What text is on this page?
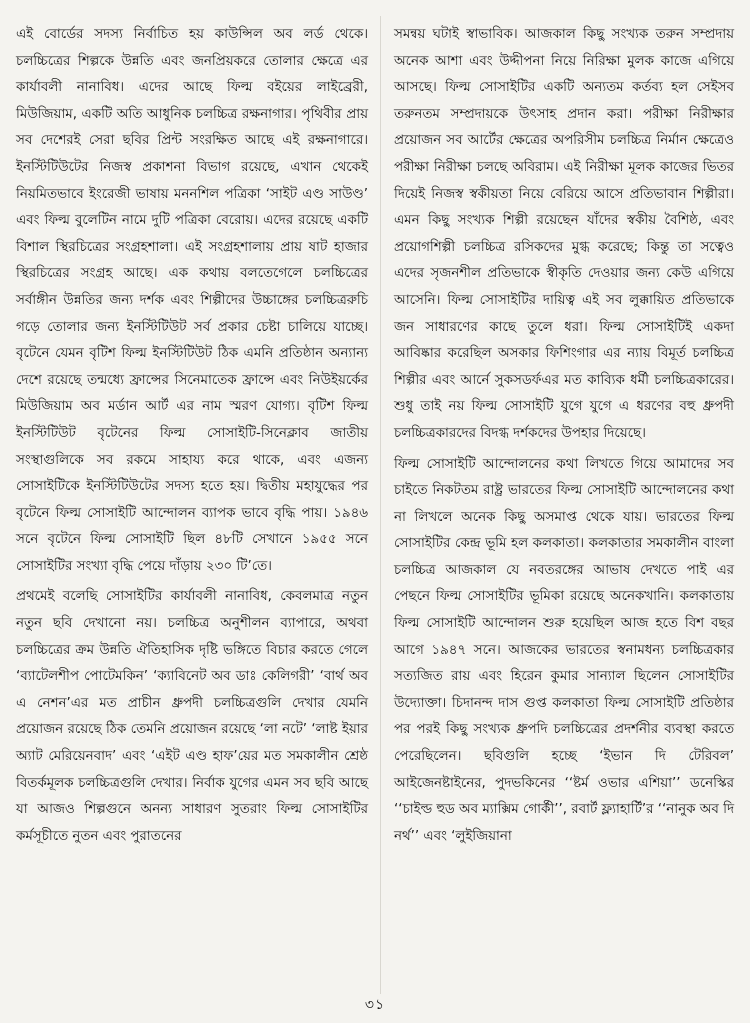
এই বোর্ডের সদস্য নির্বাচিত হয় কাউন্সিল অব লর্ড থেকে। চলচ্চিত্রের শিল্পকে উন্নতি এবং জনপ্রিয়করে তোলার ক্ষেত্রে এর কার্যাবলী নানাবিধ। এদের আছে ফিল্ম বইয়ের লাইব্রেরী, মিউজিয়াম, একটি অতি আধুনিক চলচ্চিত্র রক্ষনাগার। পৃথিবীর প্রায় সব দেশেরই সেরা ছবির প্রিন্ট সংরক্ষিত আছে এই রক্ষনাগারে। ইনস্টিটিউটের নিজস্ব প্রকাশনা বিভাগ রয়েছে, এখান থেকেই নিয়মিতভাবে ইংরেজী ভাষায় মননশিল পত্রিকা ‘সাইট এণ্ড সাউণ্ড’ এবং ফিল্ম বুলেটিন নামে দুটি পত্রিকা বেরোয়। এদের রয়েছে একটি বিশাল স্থিরচিত্রের সংগ্রহশালা। এই সংগ্রহশালায় প্রায় ষাট হাজার স্থিরচিত্রের সংগ্রহ আছে। এক কথায় বলতেগেলে চলচ্চিত্রের সর্বাঙ্গীন উন্নতির জন্য দর্শক এবং শিল্পীদের উচ্চাঙ্গের চলচ্চিত্ররুচি গড়ে তোলার জন্য ইনস্টিটিউট সর্ব প্রকার চেষ্টা চালিয়ে যাচ্ছে। বৃটেনে যেমন বৃটিশ ফিল্ম ইনস্টিটিউট ঠিক এমনি প্রতিষ্ঠান অন্যান্য দেশে রয়েছে তন্মধ্যে ফ্রান্সের সিনেমাতেক ফ্রান্সে এবং নিউইয়র্কের মিউজিয়াম অব মর্ডান আর্ট এর নাম স্মরণ যোগ্য। বৃটিশ ফিল্ম ইনস্টিটিউট বৃটেনের ফিল্ম সোসাইটি-সিনেক্লাব জাতীয় সংস্থাগুলিকে সব রকমে সাহায্য করে থাকে, এবং এজন্য সোসাইটিকে ইনস্টিটিউটের সদস্য হতে হয়। দ্বিতীয় মহাযুদ্ধের পর বৃটেনে ফিল্ম সোসাইটি আন্দোলন ব্যাপক ভাবে বৃদ্ধি পায়। ১৯৪৬ সনে বৃটেনে ফিল্ম সোসাইটি ছিল ৪৮টি সেখানে ১৯৫৫ সনে সোসাইটির সংখ্যা বৃদ্ধি পেয়ে দাঁড়ায় ২৩০ টি’তে।

প্রথমেই বলেছি সোসাইটির কার্যাবলী নানাবিধ, কেবলমাত্র নতুন নতুন ছবি দেখানো নয়। চলচ্চিত্র অনুশীলন ব্যাপারে, অথবা চলচ্চিত্রের ক্রম উন্নতি ঐতিহাসিক দৃষ্টি ভঙ্গিতে বিচার করতে গেলে ‘ব্যাটেলশীপ পোটেমকিন’ ‘ক্যাবিনেট অব ডাঃ কেলিগরী’ ‘বার্থ অব এ নেশন’এর মত প্রাচীন ধ্রুপদী চলচ্চিত্রগুলি দেখার যেমনি প্রয়োজন রয়েছে ঠিক তেমনি প্রয়োজন রয়েছে ‘লা নটে’ ‘লাষ্ট ইয়ার অ্যাট মেরিয়েনবাদ’ এবং ‘এইট এণ্ড হাফ’য়ের মত সমকালীন শ্রেষ্ঠ বিতর্কমূলক চলচ্চিত্রগুলি দেখার। নির্বাক যুগের এমন সব ছবি আছে যা আজও শিল্পগুনে অনন্য সাধারণ সুতরাং ফিল্ম সোসাইটির কর্মসূচীতে নুতন এবং পুরাতনের

সমন্বয় ঘটাই স্বাভাবিক। আজকাল কিছু সংখ্যক তরুন সম্প্রদায় অনেক আশা এবং উদ্দীপনা নিয়ে নিরিক্ষা মুলক কাজে এগিয়ে আসছে। ফিল্ম সোসাইটির একটি অন্যতম কর্তব্য হল সেইসব তরুনতম সম্প্রদায়কে উৎসাহ প্রদান করা। পরীক্ষা নিরীক্ষার প্রয়োজন সব আর্টের ক্ষেত্রের অপরিসীম চলচ্চিত্র নির্মান ক্ষেত্রেও পরীক্ষা নিরীক্ষা চলছে অবিরাম। এই নিরীক্ষা মূলক কাজের ভিতর দিয়েই নিজস্ব স্বকীয়তা নিয়ে বেরিয়ে আসে প্রতিভাবান শিল্পীরা। এমন কিছু সংখ্যক শিল্পী রয়েছেন যাঁদের স্বকীয় বৈশিষ্ঠ, এবং প্রয়োগশিল্পী চলচ্চিত্র রসিকদের মুগ্ধ করেছে; কিন্তু তা সত্বেও এদের সৃজনশীল প্রতিভাকে স্বীকৃতি দেওয়ার জন্য কেউ এগিয়ে আসেনি। ফিল্ম সোসাইটির দায়িত্ব এই সব লুক্কায়িত প্রতিভাকে জন সাধারণের কাছে তুলে ধরা। ফিল্ম সোসাইটিই একদা আবিষ্কার করেছিল অসকার ফিশিংগার এর ন্যায় বিমূর্ত চলচ্চিত্র শিল্পীর এবং আর্নে সুকসডর্ফএর মত কাব্যিক ধর্মী চলচ্চিত্রকারের। শুধু তাই নয় ফিল্ম সোসাইটি যুগে যুগে এ ধরণের বহু ধ্রুপদী চলচ্চিত্রকারদের বিদগ্ধ দর্শকদের উপহার দিয়েছে।

ফিল্ম সোসাইটি আন্দোলনের কথা লিখতে গিয়ে আমাদের সব চাইতে নিকটতম রাষ্ট্র ভারতের ফিল্ম সোসাইটি আন্দোলনের কথা না লিখলে অনেক কিছু অসমাপ্ত থেকে যায়। ভারতের ফিল্ম সোসাইটির কেন্দ্র ভূমি হল কলকাতা। কলকাতার সমকালীন বাংলা চলচ্চিত্র আজকাল যে নবতরঙ্গের আভাষ দেখতে পাই এর পেছনে ফিল্ম সোসাইটির ভূমিকা রয়েছে অনেকখানি। কলকাতায় ফিল্ম সোসাইটি আন্দোলন শুরু হয়েছিল আজ হতে বিশ বছর আগে ১৯৪৭ সনে। আজকের ভারতের স্বনামধন্য চলচ্চিত্রকার সত্যজিত রায় এবং হিরেন কুমার সান্যাল ছিলেন সোসাইটির উদ্যোক্তা। চিদানন্দ দাস গুপ্ত কলকাতা ফিল্ম সোসাইটি প্রতিষ্ঠার পর পরই কিছু সংখ্যক ধ্রুপদি চলচ্চিত্রের প্রদর্শনীর ব্যবস্থা করতে পেরেছিলেন। ছবিগুলি হচ্ছে ‘ইভান দি টেরিবল’ আইজেনষ্টাইনের, পুদভকিনের ‘‘ষ্টর্ম ওভার এশিয়া’’ ডনেস্কির ‘‘চাইল্ড হুড অব ম্যাক্সিম গোর্কী’’, রবার্ট ফ্ল্যাহার্টি’র ‘‘নানুক অব দি নর্থ’’ এবং ‘লুইজিয়ানা

৩১
